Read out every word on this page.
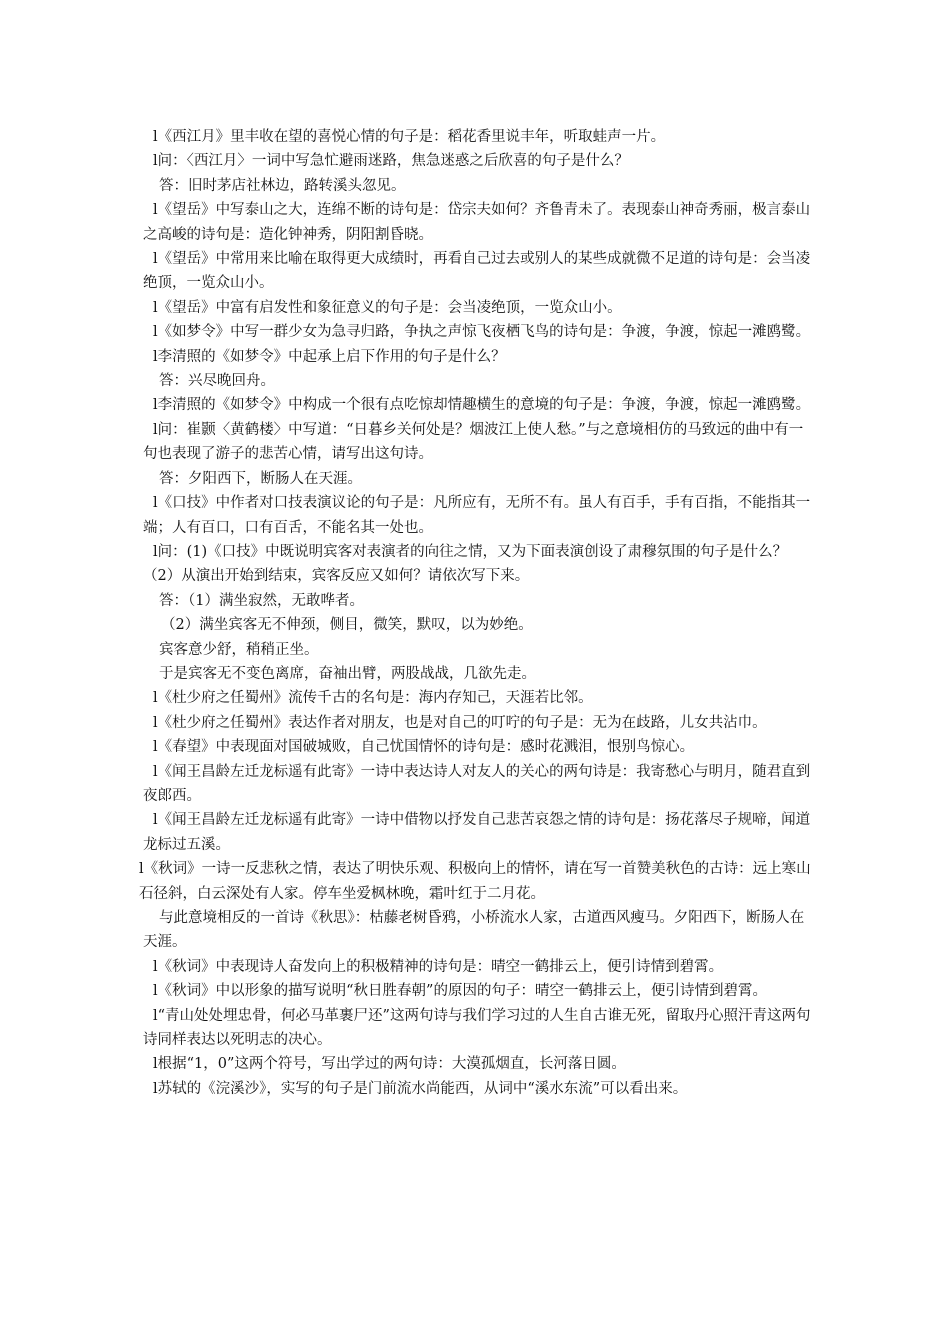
l《西江月》里丰收在望的喜悦心情的句子是：稻花香里说丰年，听取蛙声一片。

l问：〈西江月〉一词中写急忙避雨迷路，焦急迷惑之后欣喜的句子是什么？

答：旧时茅店社林边，路转溪头忽见。

l《望岳》中写泰山之大，连绵不断的诗句是：岱宗夫如何？齐鲁青未了。表现泰山神奇秀丽，极言泰山之高峻的诗句是：造化钟神秀，阴阳割昏晓。

l《望岳》中常用来比喻在取得更大成绩时，再看自己过去或别人的某些成就微不足道的诗句是：会当凌绝顶，一览众山小。

l《望岳》中富有启发性和象征意义的句子是：会当凌绝顶，一览众山小。

l《如梦令》中写一群少女为急寻归路，争执之声惊飞夜栖飞鸟的诗句是：争渡，争渡，惊起一滩鸥鹭。

l李清照的《如梦令》中起承上启下作用的句子是什么？

答：兴尽晚回舟。

l李清照的《如梦令》中构成一个很有点吃惊却情趣横生的意境的句子是：争渡，争渡，惊起一滩鸥鹭。

l问：崔颢〈黄鹤楼〉中写道：“日暮乡关何处是？烟波江上使人愁。”与之意境相仿的马致远的曲中有一句也表现了游子的悲苦心情，请写出这句诗。

答：夕阳西下，断肠人在天涯。

l《口技》中作者对口技表演议论的句子是：凡所应有，无所不有。虽人有百手，手有百指，不能指其一端；人有百口，口有百舌，不能名其一处也。

l问：(1)《口技》中既说明宾客对表演者的向往之情，又为下面表演创设了肃穆氛围的句子是什么？（2）从演出开始到结束，宾客反应又如何？请依次写下来。

答：（1）满坐寂然，无敢哗者。

（2）满坐宾客无不伸颈，侧目，微笑，默叹，以为妙绝。

宾客意少舒，稍稍正坐。

于是宾客无不变色离席，奋袖出臂，两股战战，几欲先走。

l《杜少府之任蜀州》流传千古的名句是：海内存知己，天涯若比邻。

l《杜少府之任蜀州》表达作者对朋友，也是对自己的叮咛的句子是：无为在歧路，儿女共沾巾。

l《春望》中表现面对国破城败，自己忧国情怀的诗句是：感时花溅泪，恨别鸟惊心。

l《闻王昌龄左迁龙标遥有此寄》一诗中表达诗人对友人的关心的两句诗是：我寄愁心与明月，随君直到夜郎西。

l《闻王昌龄左迁龙标遥有此寄》一诗中借物以抒发自己悲苦哀怨之情的诗句是：扬花落尽子规啼，闻道龙标过五溪。

l《秋词》一诗一反悲秋之情，表达了明快乐观、积极向上的情怀，请在写一首赞美秋色的古诗：远上寒山石径斜，白云深处有人家。停车坐爱枫林晚，霜叶红于二月花。

与此意境相反的一首诗《秋思》：枯藤老树昏鸦，小桥流水人家，古道西风瘦马。夕阳西下，断肠人在天涯。

l《秋词》中表现诗人奋发向上的积极精神的诗句是：晴空一鹤排云上，便引诗情到碧霄。

l《秋词》中以形象的描写说明“秋日胜春朝”的原因的句子：晴空一鹤排云上，便引诗情到碧霄。

l“青山处处埋忠骨，何必马革裹尸还”这两句诗与我们学习过的人生自古谁无死，留取丹心照汗青这两句诗同样表达以死明志的决心。

l根据“1，0”这两个符号，写出学过的两句诗：大漠孤烟直，长河落日圆。

l苏轼的《浣溪沙》，实写的句子是门前流水尚能西，从词中“溪水东流”可以看出来。
